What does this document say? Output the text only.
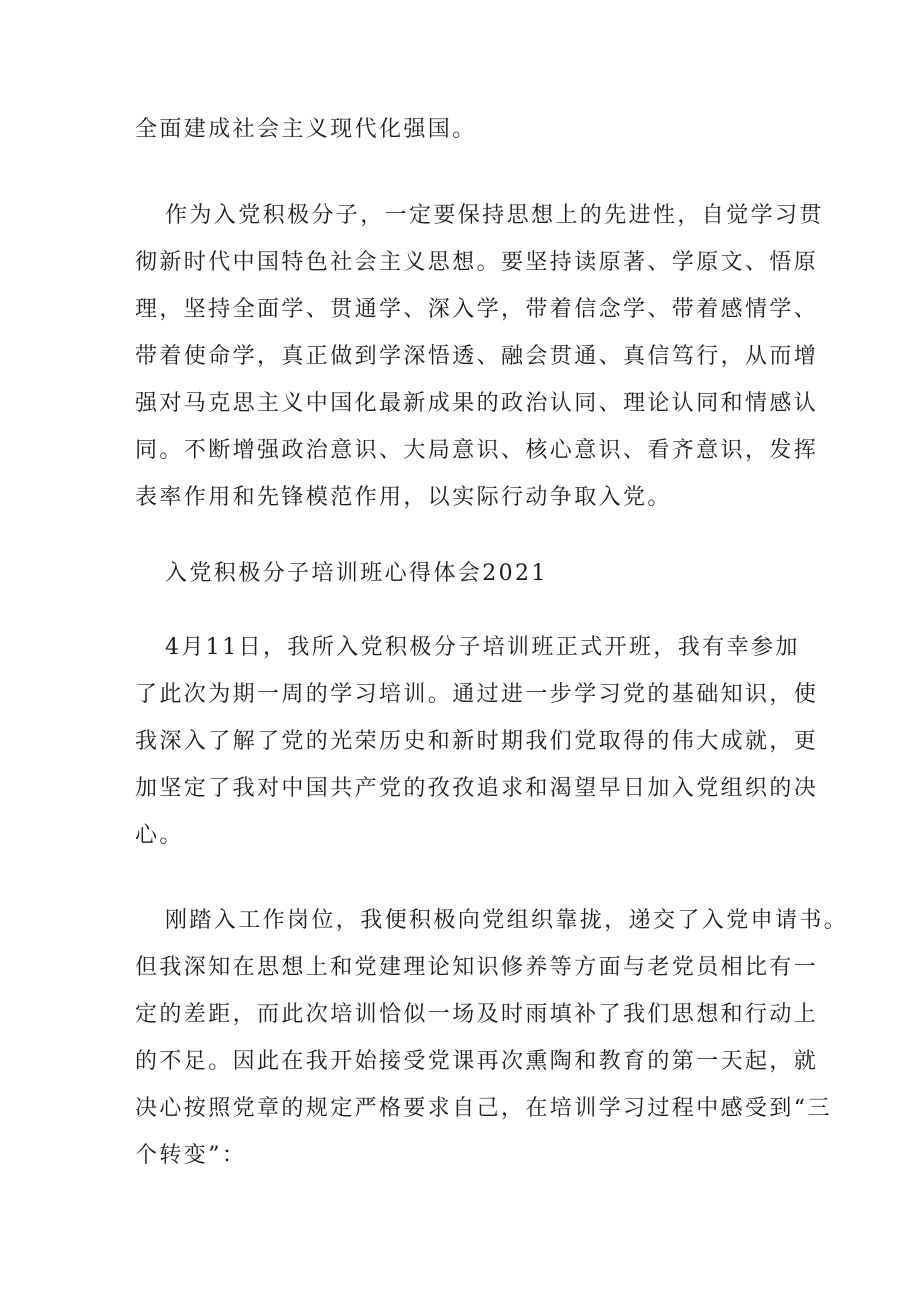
全面建成社会主义现代化强国。
作为入党积极分子，一定要保持思想上的先进性，自觉学习贯
彻新时代中国特色社会主义思想。要坚持读原著、学原文、悟原
理，坚持全面学、贯通学、深入学，带着信念学、带着感情学、
带着使命学，真正做到学深悟透、融会贯通、真信笃行，从而增
强对马克思主义中国化最新成果的政治认同、理论认同和情感认
同。不断增强政治意识、大局意识、核心意识、看齐意识，发挥
表率作用和先锋模范作用，以实际行动争取入党。
入党积极分子培训班心得体会2021
4月11日，我所入党积极分子培训班正式开班，我有幸参加
了此次为期一周的学习培训。通过进一步学习党的基础知识，使
我深入了解了党的光荣历史和新时期我们党取得的伟大成就，更
加坚定了我对中国共产党的孜孜追求和渴望早日加入党组织的决
心。
刚踏入工作岗位，我便积极向党组织靠拢，递交了入党申请书。
但我深知在思想上和党建理论知识修养等方面与老党员相比有一
定的差距，而此次培训恰似一场及时雨填补了我们思想和行动上
的不足。因此在我开始接受党课再次熏陶和教育的第一天起，就
决心按照党章的规定严格要求自己，在培训学习过程中感受到“三
个转变”：
